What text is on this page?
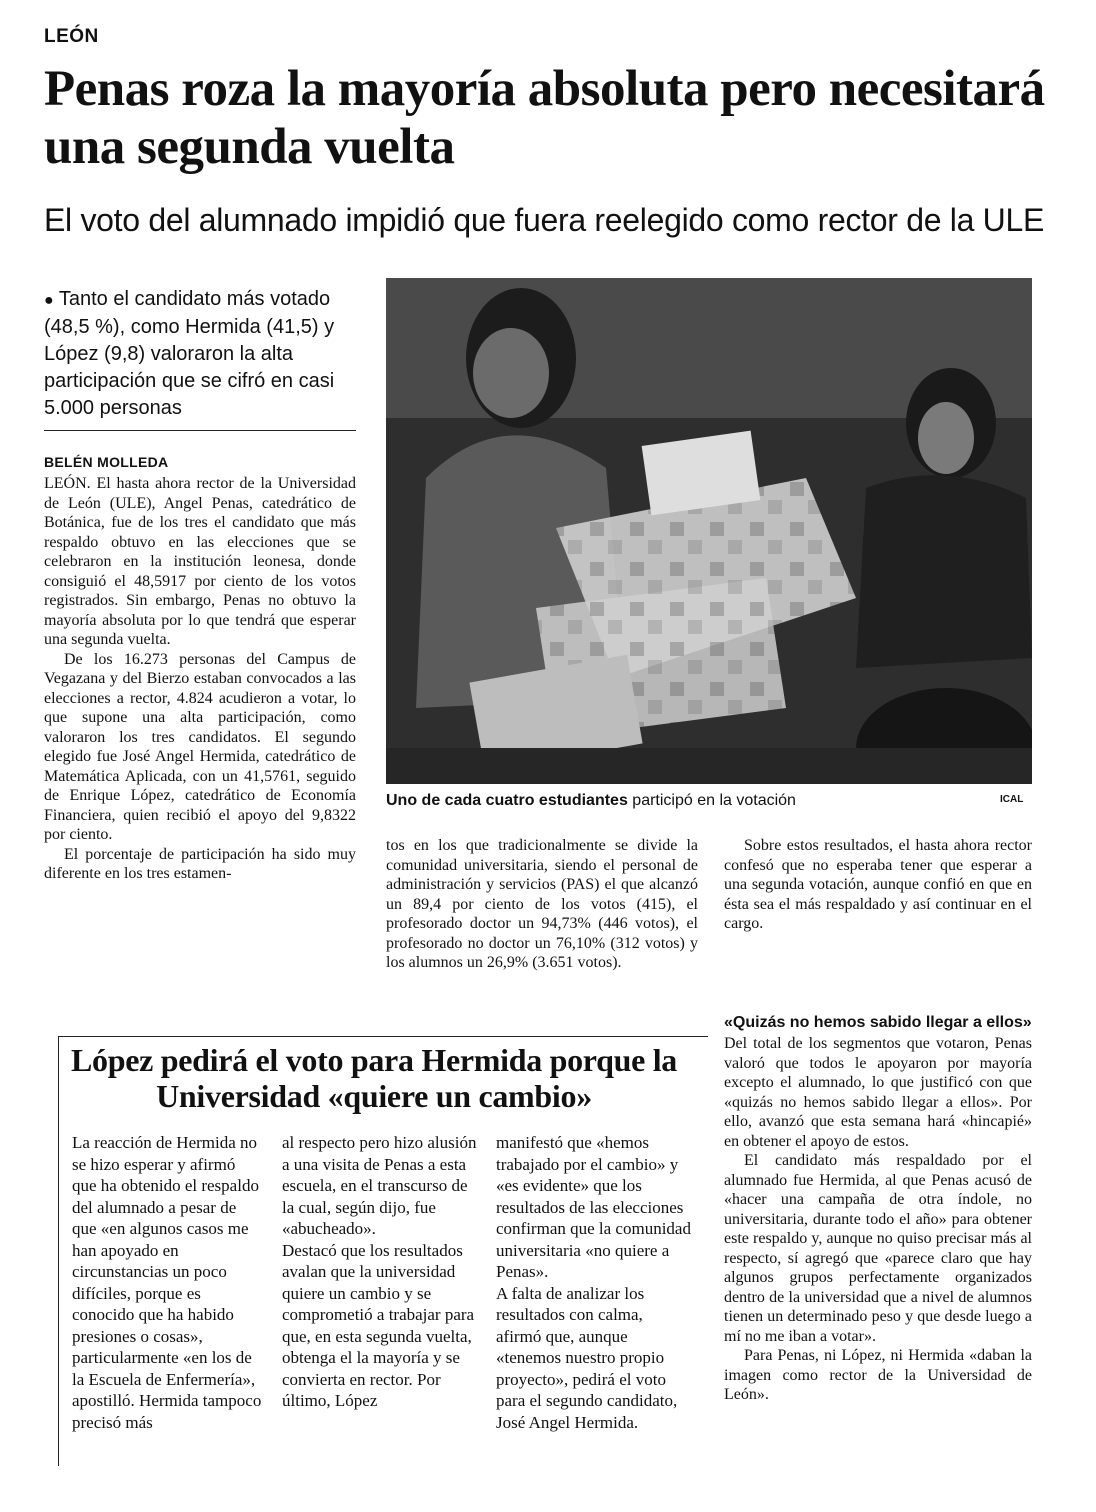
LEÓN
Penas roza la mayoría absoluta pero necesitará una segunda vuelta
El voto del alumnado impidió que fuera reelegido como rector de la ULE
● Tanto el candidato más votado (48,5 %), como Hermida (41,5) y López (9,8) valoraron la alta participación que se cifró en casi 5.000 personas
BELÉN MOLLEDA

LEÓN. El hasta ahora rector de la Universidad de León (ULE), Angel Penas, catedrático de Botánica, fue de los tres el candidato que más respaldo obtuvo en las elecciones que se celebraron en la institución leonesa, donde consiguió el 48,5917 por ciento de los votos registrados. Sin embargo, Penas no obtuvo la mayoría absoluta por lo que tendrá que esperar una segunda vuelta.

De los 16.273 personas del Campus de Vegazana y del Bierzo estaban convocados a las elecciones a rector, 4.824 acudieron a votar, lo que supone una alta participación, como valoraron los tres candidatos. El segundo elegido fue José Angel Hermida, catedrático de Matemática Aplicada, con un 41,5761, seguido de Enrique López, catedrático de Economía Financiera, quien recibió el apoyo del 9,8322 por ciento.

El porcentaje de participación ha sido muy diferente en los tres estamen-

Uno de cada cuatro estudiantes participó en la votación	ICAL

tos en los que tradicionalmente se divide la comunidad universitaria, siendo el personal de administración y servicios (PAS) el que alcanzó un 89,4 por ciento de los votos (415), el profesorado doctor un 94,73% (446 votos), el profesorado no doctor un 76,10% (312 votos) y los alumnos un 26,9% (3.651 votos).

Sobre estos resultados, el hasta ahora rector confesó que no esperaba tener que esperar a una segunda votación, aunque confió en que en ésta sea el más respaldado y así continuar en el cargo.

«Quizás no hemos sabido llegar a ellos»

Del total de los segmentos que votaron, Penas valoró que todos le apoyaron por mayoría excepto el alumnado, lo que justificó con que «quizás no hemos sabido llegar a ellos». Por ello, avanzó que esta semana hará «hincapié» en obtener el apoyo de estos.

El candidato más respaldado por el alumnado fue Hermida, al que Penas acusó de «hacer una campaña de otra índole, no universitaria, durante todo el año» para obtener este respaldo y, aunque no quiso precisar más al respecto, sí agregó que «parece claro que hay algunos grupos perfectamente organizados dentro de la universidad que a nivel de alumnos tienen un determinado peso y que desde luego a mí no me iban a votar».

Para Penas, ni López, ni Hermida «daban la imagen como rector de la Universidad de León».

López pedirá el voto para Hermida porque la Universidad «quiere un cambio»

La reacción de Hermida no se hizo esperar y afirmó que ha obtenido el respaldo del alumnado a pesar de que «en algunos casos me han apoyado en circunstancias un poco difíciles, porque es conocido que ha habido presiones o cosas», particularmente «en los de la Escuela de Enfermería», apostilló. Hermida tampoco precisó más

al respecto pero hizo alusión a una visita de Penas a esta escuela, en el transcurso de la cual, según dijo, fue «abucheado».

Destacó que los resultados avalan que la universidad quiere un cambio y se comprometió a trabajar para que, en esta segunda vuelta, obtenga el la mayoría y se convierta en rector. Por último, López

manifestó que «hemos trabajado por el cambio» y «es evidente» que los resultados de las elecciones confirman que la comunidad universitaria «no quiere a Penas».

A falta de analizar los resultados con calma, afirmó que, aunque «tenemos nuestro propio proyecto», pedirá el voto para el segundo candidato, José Angel Hermida.
